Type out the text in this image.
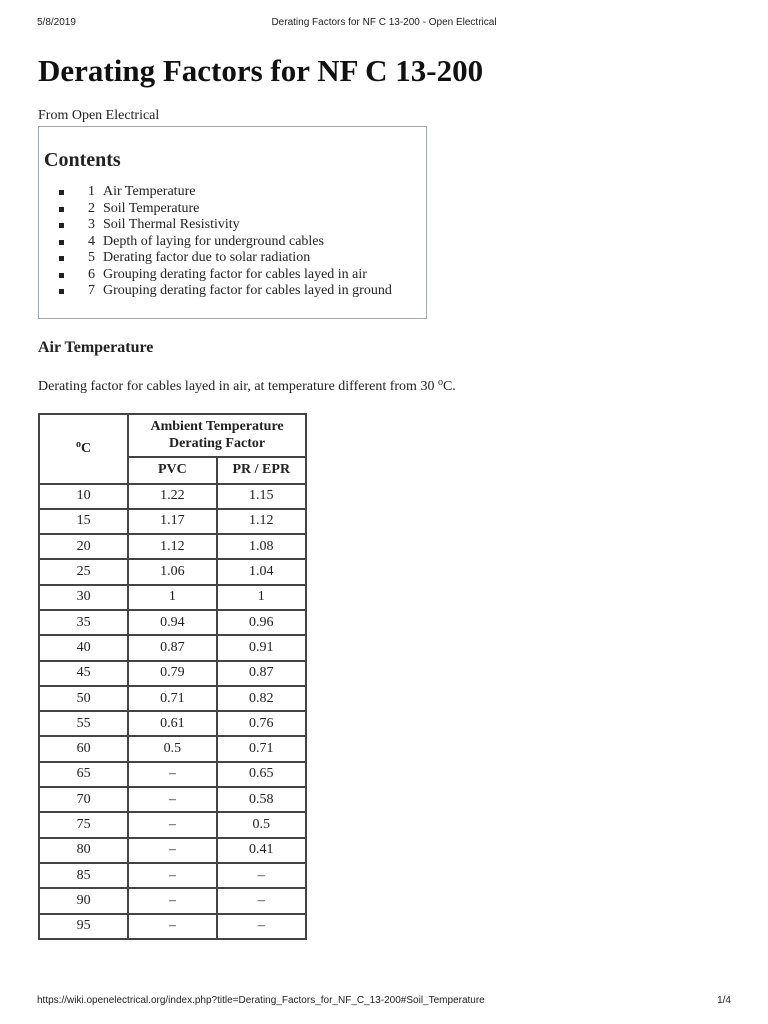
5/8/2019	Derating Factors for NF C 13-200 - Open Electrical
Derating Factors for NF C 13-200
From Open Electrical
Contents
1 Air Temperature
2 Soil Temperature
3 Soil Thermal Resistivity
4 Depth of laying for underground cables
5 Derating factor due to solar radiation
6 Grouping derating factor for cables layed in air
7 Grouping derating factor for cables layed in ground
Air Temperature
Derating factor for cables layed in air, at temperature different from 30 $^o$C.
$^o$C	Ambient Temperature Derating Factor	
	PVC	PR / EPR
10	1.22	1.15
15	1.17	1.12
20	1.12	1.08
25	1.06	1.04
30	1	1
35	0.94	0.96
40	0.87	0.91
45	0.79	0.87
50	0.71	0.82
55	0.61	0.76
60	0.5	0.71
65	–	0.65
70	–	0.58
75	–	0.5
80	–	0.41
85	–	–
90	–	–
95	–	–
https://wiki.openelectrical.org/index.php?title=Derating_Factors_for_NF_C_13-200#Soil_Temperature	1/4
